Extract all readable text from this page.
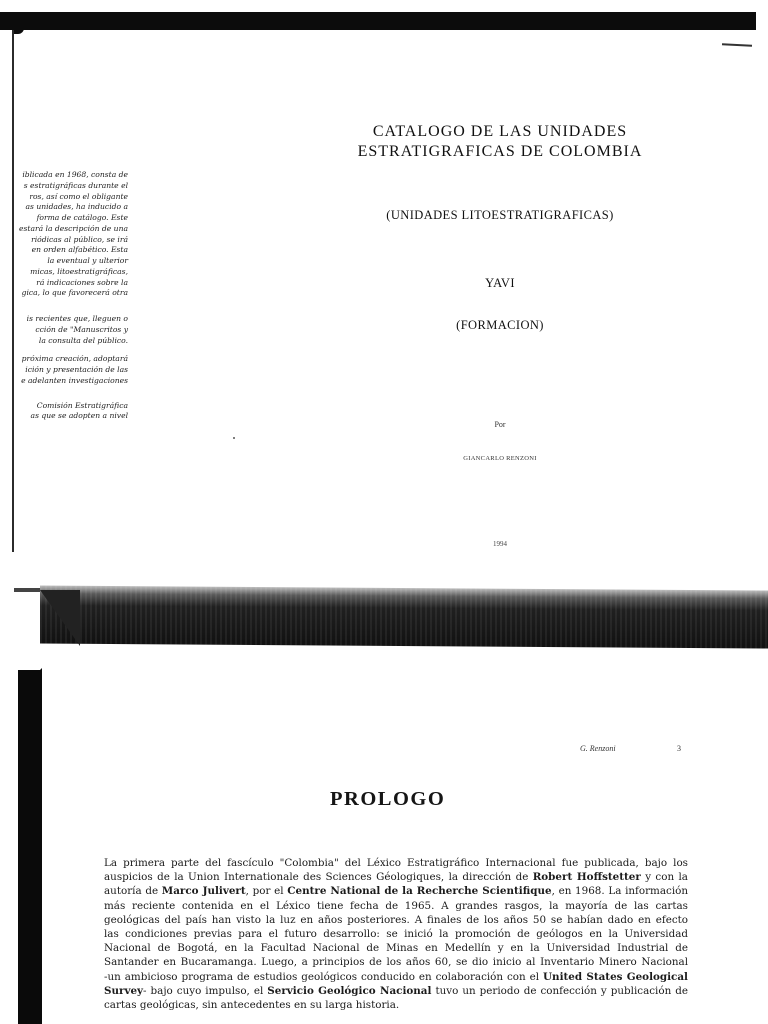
iblicada en 1968, consta de
s estratigráficas durante el
ros, así como el obligante
as unidades, ha inducido a
forma de catálogo. Este
estará la descripción de una
riódicas al público, se irá
en orden alfabético. Esta
la eventual y ulterior
micas, litoestratigráficas,
rá indicaciones sobre la
gica, lo que favorecerá otra
is recientes que, lleguen o
cción de "Manuscritos y
la consulta del público.
próxima creación, adoptará
ición y presentación de las
e adelanten investigaciones
Comisión Estratigráfica
as que se adopten a nivel
CATALOGO DE LAS UNIDADES
ESTRATIGRAFICAS DE COLOMBIA
(UNIDADES LITOESTRATIGRAFICAS)
YAVI
(FORMACION)
Por
GIANCARLO RENZONI
1994
G. Renzoni	3
PROLOGO
La primera parte del fascículo "Colombia" del Léxico Estratigráfico Internacional fue publicada, bajo los
auspicios de la Union Internationale des Sciences Géologiques, la dirección de Robert Hoffstetter y con la
autoría de Marco Julivert, por el Centre National de la Recherche Scientifique, en 1968. La información
más reciente contenida en el Léxico tiene fecha de 1965. A grandes rasgos, la mayoría de las cartas
geológicas del país han visto la luz en años posteriores. A finales de los años 50 se habían dado en efecto
las condiciones previas para el futuro desarrollo: se inició la promoción de geólogos en la Universidad
Nacional de Bogotá, en la Facultad Nacional de Minas en Medellín y en la Universidad Industrial de
Santander en Bucaramanga. Luego, a principios de los años 60, se dio inicio al Inventario Minero Nacional
-un ambicioso programa de estudios geológicos conducido en colaboración con el United States Geological
Survey- bajo cuyo impulso, el Servicio Geológico Nacional tuvo un periodo de confección y publicación de
cartas geológicas, sin antecedentes en su larga historia.
